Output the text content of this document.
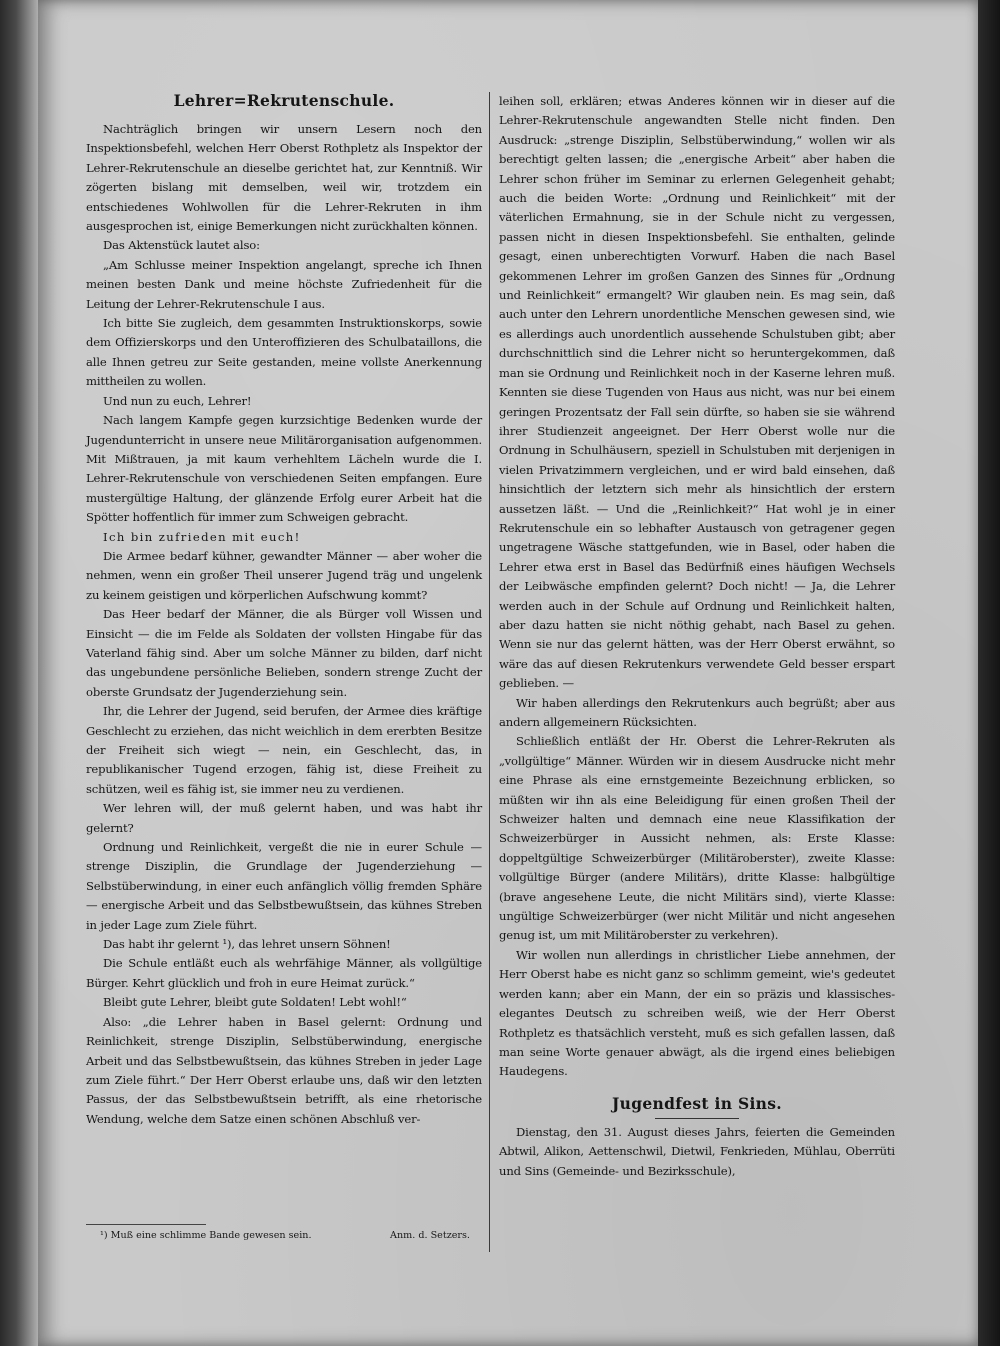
Lehrer=Rekrutenschule.

Nachträglich bringen wir unsern Lesern noch den Inspektionsbefehl, welchen Herr Oberst Rothpletz als Inspektor der Lehrer-Rekrutenschule an dieselbe gerichtet hat, zur Kenntniß. Wir zögerten bislang mit demselben, weil wir, trotzdem ein entschiedenes Wohlwollen für die Lehrer-Rekruten in ihm ausgesprochen ist, einige Bemerkungen nicht zurückhalten können.

Das Aktenstück lautet also:

„Am Schlusse meiner Inspektion angelangt, spreche ich Ihnen meinen besten Dank und meine höchste Zufriedenheit für die Leitung der Lehrer-Rekrutenschule I aus.

Ich bitte Sie zugleich, dem gesammten Instruktionskorps, sowie dem Offizierskorps und den Unteroffizieren des Schulbataillons, die alle Ihnen getreu zur Seite gestanden, meine vollste Anerkennung mittheilen zu wollen.

Und nun zu euch, Lehrer!

Nach langem Kampfe gegen kurzsichtige Bedenken wurde der Jugendunterricht in unsere neue Militärorganisation aufgenommen. Mit Mißtrauen, ja mit kaum verhehltem Lächeln wurde die I. Lehrer-Rekrutenschule von verschiedenen Seiten empfangen. Eure mustergültige Haltung, der glänzende Erfolg eurer Arbeit hat die Spötter hoffentlich für immer zum Schweigen gebracht.

Ich bin zufrieden mit euch!

Die Armee bedarf kühner, gewandter Männer — aber woher die nehmen, wenn ein großer Theil unserer Jugend träg und ungelenk zu keinem geistigen und körperlichen Aufschwung kommt?

Das Heer bedarf der Männer, die als Bürger voll Wissen und Einsicht — die im Felde als Soldaten der vollsten Hingabe für das Vaterland fähig sind. Aber um solche Männer zu bilden, darf nicht das ungebundene persönliche Belieben, sondern strenge Zucht der oberste Grundsatz der Jugenderziehung sein.

Ihr, die Lehrer der Jugend, seid berufen, der Armee dies kräftige Geschlecht zu erziehen, das nicht weichlich in dem ererbten Besitze der Freiheit sich wiegt — nein, ein Geschlecht, das, in republikanischer Tugend erzogen, fähig ist, diese Freiheit zu schützen, weil es fähig ist, sie immer neu zu verdienen.

Wer lehren will, der muß gelernt haben, und was habt ihr gelernt?

Ordnung und Reinlichkeit, vergeßt die nie in eurer Schule — strenge Disziplin, die Grundlage der Jugenderziehung — Selbstüberwindung, in einer euch anfänglich völlig fremden Sphäre — energische Arbeit und das Selbstbewußtsein, das kühnes Streben in jeder Lage zum Ziele führt.

Das habt ihr gelernt ¹), das lehret unsern Söhnen!

Die Schule entläßt euch als wehrfähige Männer, als vollgültige Bürger. Kehrt glücklich und froh in eure Heimat zurück.“

Bleibt gute Lehrer, bleibt gute Soldaten! Lebt wohl!“

Also: „die Lehrer haben in Basel gelernt: Ordnung und Reinlichkeit, strenge Disziplin, Selbstüberwindung, energische Arbeit und das Selbstbewußtsein, das kühnes Streben in jeder Lage zum Ziele führt.“ Der Herr Oberst erlaube uns, daß wir den letzten Passus, der das Selbstbewußtsein betrifft, als eine rhetorische Wendung, welche dem Satze einen schönen Abschluß ver-

leihen soll, erklären; etwas Anderes können wir in dieser auf die Lehrer-Rekrutenschule angewandten Stelle nicht finden. Den Ausdruck: „strenge Disziplin, Selbstüberwindung,“ wollen wir als berechtigt gelten lassen; die „energische Arbeit“ aber haben die Lehrer schon früher im Seminar zu erlernen Gelegenheit gehabt; auch die beiden Worte: „Ordnung und Reinlichkeit“ mit der väterlichen Ermahnung, sie in der Schule nicht zu vergessen, passen nicht in diesen Inspektionsbefehl. Sie enthalten, gelinde gesagt, einen unberechtigten Vorwurf. Haben die nach Basel gekommenen Lehrer im großen Ganzen des Sinnes für „Ordnung und Reinlichkeit“ ermangelt? Wir glauben nein. Es mag sein, daß auch unter den Lehrern unordentliche Menschen gewesen sind, wie es allerdings auch unordentlich aussehende Schulstuben gibt; aber durchschnittlich sind die Lehrer nicht so heruntergekommen, daß man sie Ordnung und Reinlichkeit noch in der Kaserne lehren muß. Kennten sie diese Tugenden von Haus aus nicht, was nur bei einem geringen Prozentsatz der Fall sein dürfte, so haben sie sie während ihrer Studienzeit angeeignet. Der Herr Oberst wolle nur die Ordnung in Schulhäusern, speziell in Schulstuben mit derjenigen in vielen Privatzimmern vergleichen, und er wird bald einsehen, daß hinsichtlich der letztern sich mehr als hinsichtlich der erstern aussetzen läßt. — Und die „Reinlichkeit?“ Hat wohl je in einer Rekrutenschule ein so lebhafter Austausch von getragener gegen ungetragene Wäsche stattgefunden, wie in Basel, oder haben die Lehrer etwa erst in Basel das Bedürfniß eines häufigen Wechsels der Leibwäsche empfinden gelernt? Doch nicht! — Ja, die Lehrer werden auch in der Schule auf Ordnung und Reinlichkeit halten, aber dazu hatten sie nicht nöthig gehabt, nach Basel zu gehen. Wenn sie nur das gelernt hätten, was der Herr Oberst erwähnt, so wäre das auf diesen Rekrutenkurs verwendete Geld besser erspart geblieben. —

Wir haben allerdings den Rekrutenkurs auch begrüßt; aber aus andern allgemeinern Rücksichten.

Schließlich entläßt der Hr. Oberst die Lehrer-Rekruten als „vollgültige“ Männer. Würden wir in diesem Ausdrucke nicht mehr eine Phrase als eine ernstgemeinte Bezeichnung erblicken, so müßten wir ihn als eine Beleidigung für einen großen Theil der Schweizer halten und demnach eine neue Klassifikation der Schweizerbürger in Aussicht nehmen, als: Erste Klasse: doppeltgültige Schweizerbürger (Militäroberster), zweite Klasse: vollgültige Bürger (andere Militärs), dritte Klasse: halbgültige (brave angesehene Leute, die nicht Militärs sind), vierte Klasse: ungültige Schweizerbürger (wer nicht Militär und nicht angesehen genug ist, um mit Militäroberster zu verkehren).

Wir wollen nun allerdings in christlicher Liebe annehmen, der Herr Oberst habe es nicht ganz so schlimm gemeint, wie's gedeutet werden kann; aber ein Mann, der ein so präzis und klassisches-elegantes Deutsch zu schreiben weiß, wie der Herr Oberst Rothpletz es thatsächlich versteht, muß es sich gefallen lassen, daß man seine Worte genauer abwägt, als die irgend eines beliebigen Haudegens.

Jugendfest in Sins.

Dienstag, den 31. August dieses Jahrs, feierten die Gemeinden Abtwil, Alikon, Aettenschwil, Dietwil, Fenkrieden, Mühlau, Oberrüti und Sins (Gemeinde- und Bezirksschule),

¹) Muß eine schlimme Bande gewesen sein.	Anm. d. Setzers.
